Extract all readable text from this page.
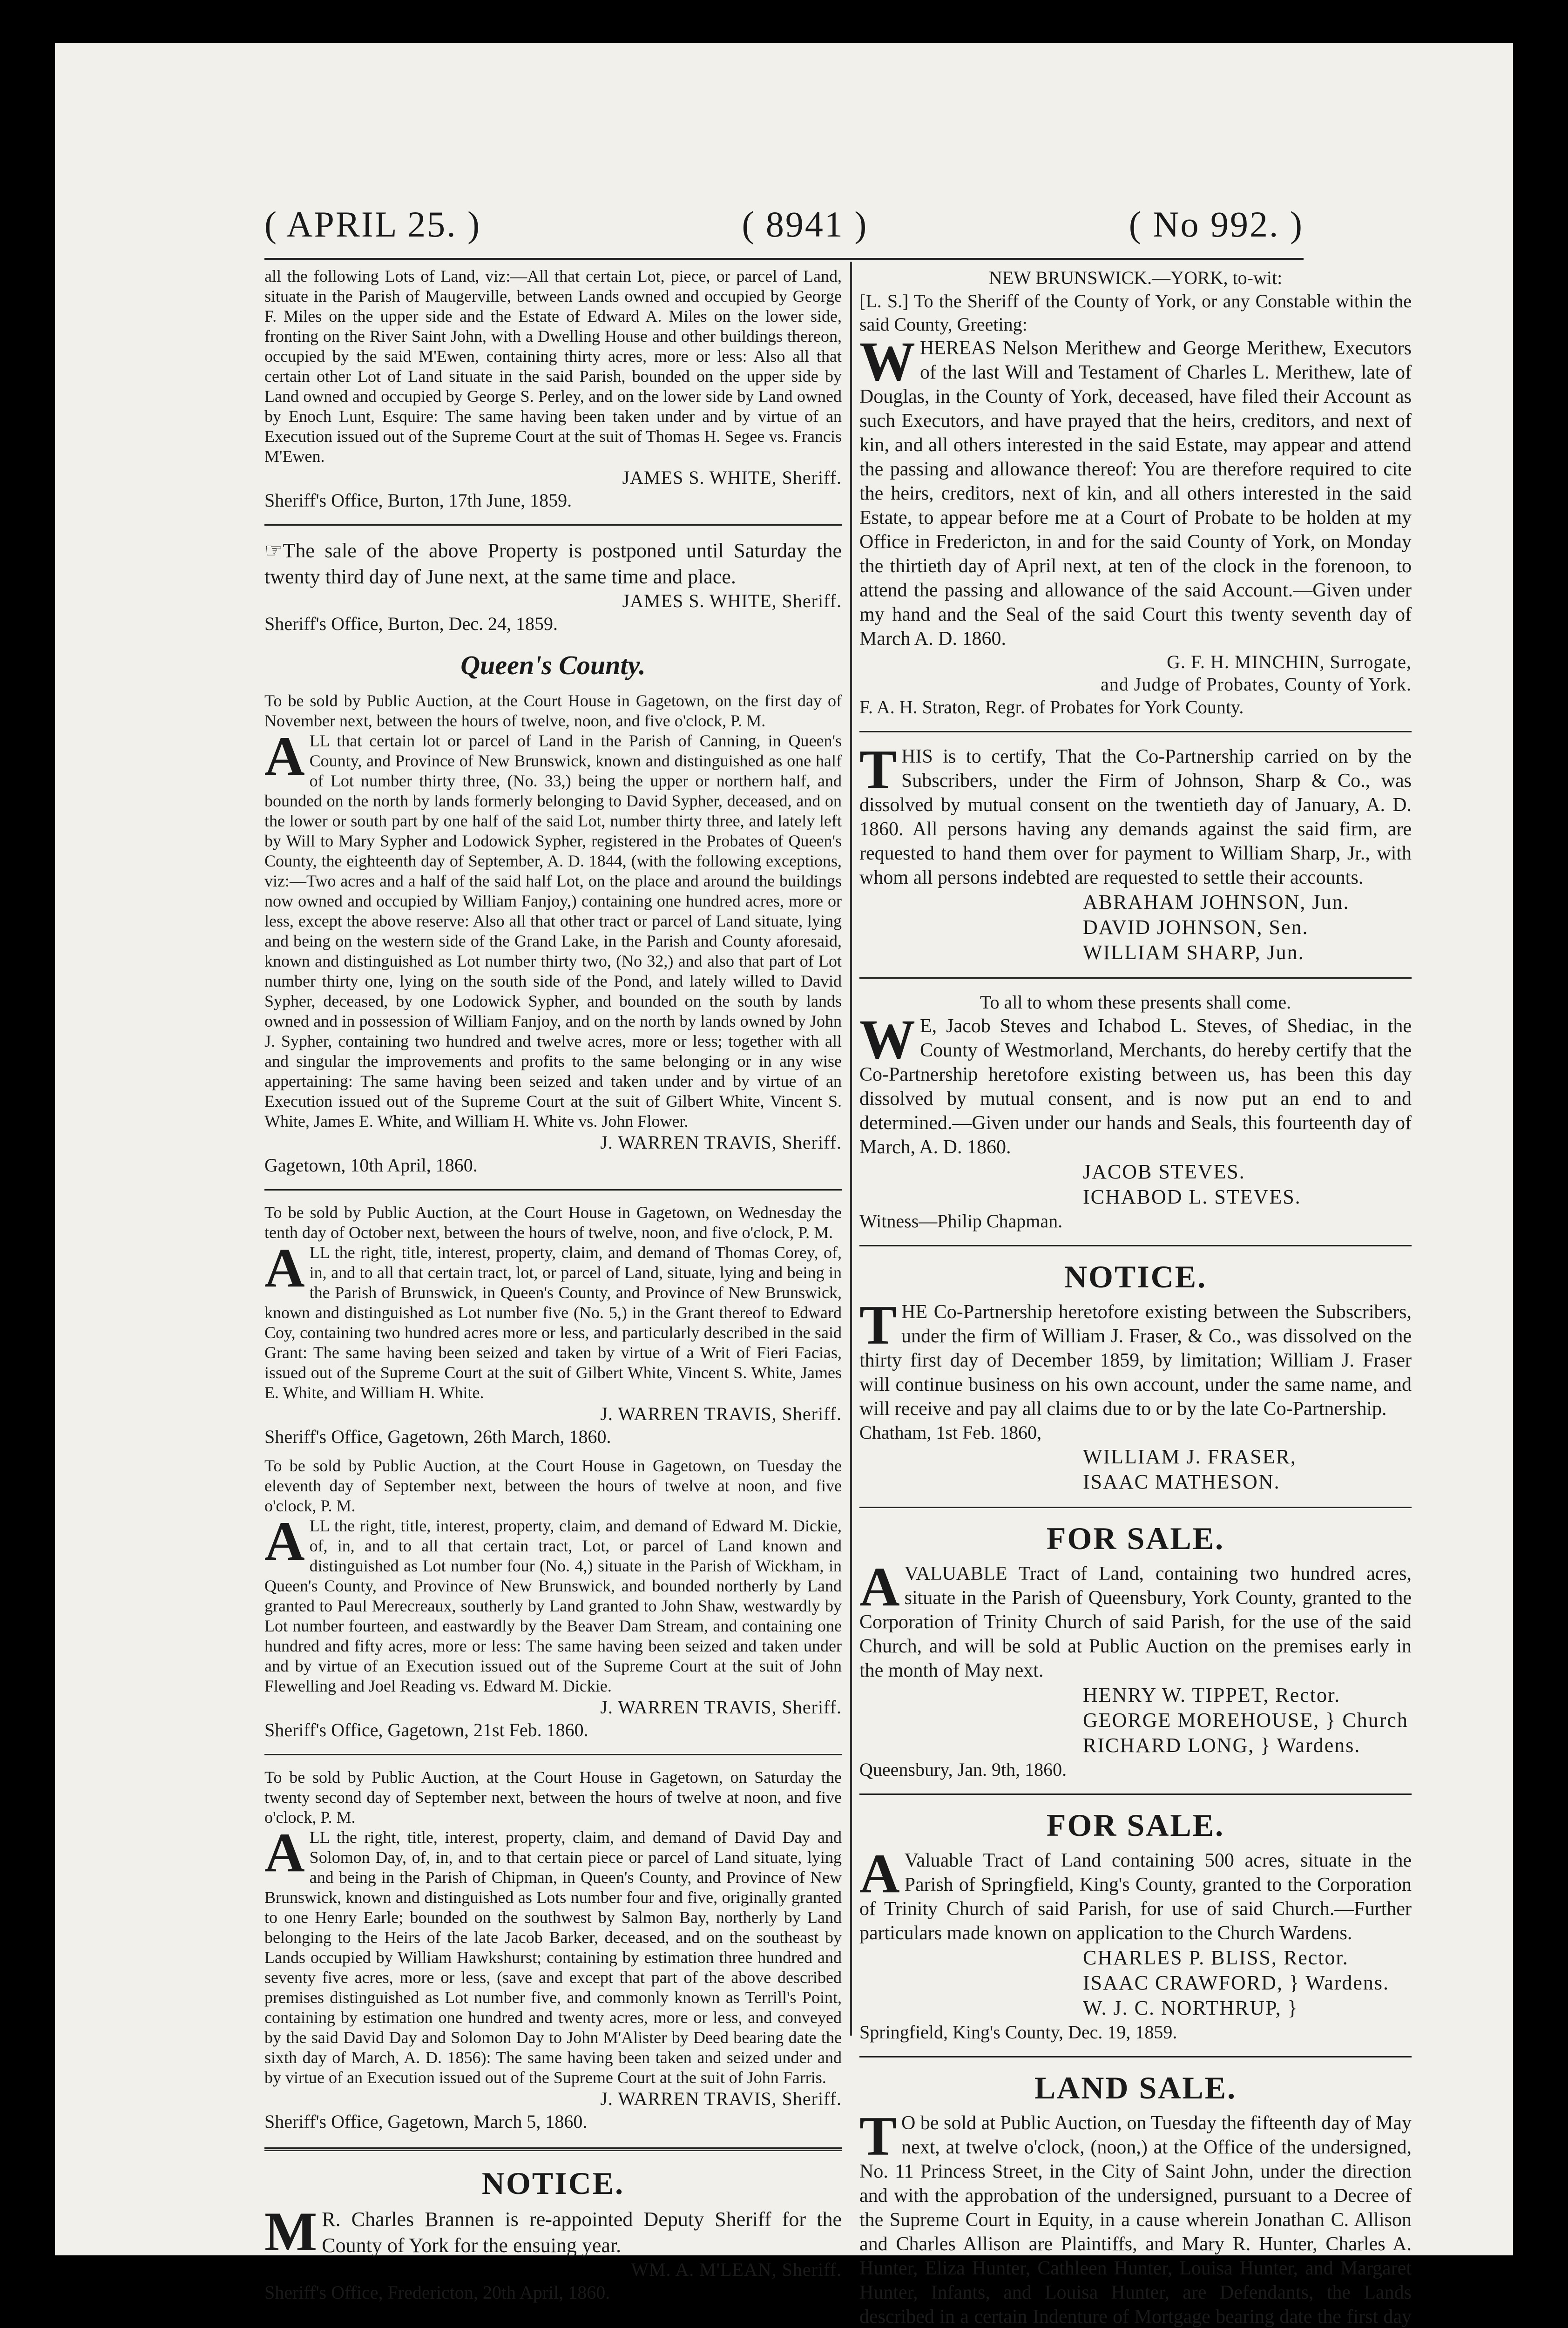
( APRIL 25. )	( 8941 )	( No 992. )

all the following Lots of Land, viz:—All that certain Lot, piece, or parcel of Land, situate in the Parish of Maugerville, between Lands owned and occupied by George F. Miles on the upper side and the Estate of Edward A. Miles on the lower side, fronting on the River Saint John, with a Dwelling House and other buildings thereon, occupied by the said M'Ewen, containing thirty acres, more or less: Also all that certain other Lot of Land situate in the said Parish, bounded on the upper side by Land owned and occupied by George S. Perley, and on the lower side by Land owned by Enoch Lunt, Esquire: The same having been taken under and by virtue of an Execution issued out of the Supreme Court at the suit of Thomas H. Segee vs. Francis M'Ewen.

JAMES S. WHITE, Sheriff.
Sheriff's Office, Burton, 17th June, 1859.

☞The sale of the above Property is postponed until Saturday the twenty third day of June next, at the same time and place.

JAMES S. WHITE, Sheriff.
Sheriff's Office, Burton, Dec. 24, 1859.
Queen's County.

To be sold by Public Auction, at the Court House in Gagetown, on the first day of November next, between the hours of twelve, noon, and five o'clock, P. M.

ALL that certain lot or parcel of Land in the Parish of Canning, in Queen's County, and Province of New Brunswick, known and distinguished as one half of Lot number thirty three, (No. 33,) being the upper or northern half, and bounded on the north by lands formerly belonging to David Sypher, deceased, and on the lower or south part by one half of the said Lot, number thirty three, and lately left by Will to Mary Sypher and Lodowick Sypher, registered in the Probates of Queen's County, the eighteenth day of September, A. D. 1844, (with the following exceptions, viz:—Two acres and a half of the said half Lot, on the place and around the buildings now owned and occupied by William Fanjoy,) containing one hundred acres, more or less, except the above reserve: Also all that other tract or parcel of Land situate, lying and being on the western side of the Grand Lake, in the Parish and County aforesaid, known and distinguished as Lot number thirty two, (No 32,) and also that part of Lot number thirty one, lying on the south side of the Pond, and lately willed to David Sypher, deceased, by one Lodowick Sypher, and bounded on the south by lands owned and in possession of William Fanjoy, and on the north by lands owned by John J. Sypher, containing two hundred and twelve acres, more or less; together with all and singular the improvements and profits to the same belonging or in any wise appertaining: The same having been seized and taken under and by virtue of an Execution issued out of the Supreme Court at the suit of Gilbert White, Vincent S. White, James E. White, and William H. White vs. John Flower.

J. WARREN TRAVIS, Sheriff.
Gagetown, 10th April, 1860.

To be sold by Public Auction, at the Court House in Gagetown, on Wednesday the tenth day of October next, between the hours of twelve, noon, and five o'clock, P. M.

ALL the right, title, interest, property, claim, and demand of Thomas Corey, of, in, and to all that certain tract, lot, or parcel of Land, situate, lying and being in the Parish of Brunswick, in Queen's County, and Province of New Brunswick, known and distinguished as Lot number five (No. 5,) in the Grant thereof to Edward Coy, containing two hundred acres more or less, and particularly described in the said Grant: The same having been seized and taken by virtue of a Writ of Fieri Facias, issued out of the Supreme Court at the suit of Gilbert White, Vincent S. White, James E. White, and William H. White.

J. WARREN TRAVIS, Sheriff.
Sheriff's Office, Gagetown, 26th March, 1860.

To be sold by Public Auction, at the Court House in Gagetown, on Tuesday the eleventh day of September next, between the hours of twelve at noon, and five o'clock, P. M.

ALL the right, title, interest, property, claim, and demand of Edward M. Dickie, of, in, and to all that certain tract, Lot, or parcel of Land known and distinguished as Lot number four (No. 4,) situate in the Parish of Wickham, in Queen's County, and Province of New Brunswick, and bounded northerly by Land granted to Paul Merecreaux, southerly by Land granted to John Shaw, westwardly by Lot number fourteen, and eastwardly by the Beaver Dam Stream, and containing one hundred and fifty acres, more or less: The same having been seized and taken under and by virtue of an Execution issued out of the Supreme Court at the suit of John Flewelling and Joel Reading vs. Edward M. Dickie.

J. WARREN TRAVIS, Sheriff.
Sheriff's Office, Gagetown, 21st Feb. 1860.

To be sold by Public Auction, at the Court House in Gagetown, on Saturday the twenty second day of September next, between the hours of twelve at noon, and five o'clock, P. M.

ALL the right, title, interest, property, claim, and demand of David Day and Solomon Day, of, in, and to that certain piece or parcel of Land situate, lying and being in the Parish of Chipman, in Queen's County, and Province of New Brunswick, known and distinguished as Lots number four and five, originally granted to one Henry Earle; bounded on the southwest by Salmon Bay, northerly by Land belonging to the Heirs of the late Jacob Barker, deceased, and on the southeast by Lands occupied by William Hawkshurst; containing by estimation three hundred and seventy five acres, more or less, (save and except that part of the above described premises distinguished as Lot number five, and commonly known as Terrill's Point, containing by estimation one hundred and twenty acres, more or less, and conveyed by the said David Day and Solomon Day to John M'Alister by Deed bearing date the sixth day of March, A. D. 1856): The same having been taken and seized under and by virtue of an Execution issued out of the Supreme Court at the suit of John Farris.

J. WARREN TRAVIS, Sheriff.
Sheriff's Office, Gagetown, March 5, 1860.
NOTICE.

M R. Charles Brannen is re-appointed Deputy Sheriff for the County of York for the ensuing year.

WM. A. M'LEAN, Sheriff.
Sheriff's Office, Fredericton, 20th April, 1860.
NEW BRUNSWICK.—YORK, to-wit:

[L. S.] To the Sheriff of the County of York, or any Constable within the said County, Greeting:

WHEREAS Nelson Merithew and George Merithew, Executors of the last Will and Testament of Charles L. Merithew, late of Douglas, in the County of York, deceased, have filed their Account as such Executors, and have prayed that the heirs, creditors, and next of kin, and all others interested in the said Estate, may appear and attend the passing and allowance thereof: You are therefore required to cite the heirs, creditors, next of kin, and all others interested in the said Estate, to appear before me at a Court of Probate to be holden at my Office in Fredericton, in and for the said County of York, on Monday the thirtieth day of April next, at ten of the clock in the forenoon, to attend the passing and allowance of the said Account.—Given under my hand and the Seal of the said Court this twenty seventh day of March A. D. 1860.

G. F. H. MINCHIN, Surrogate,
and Judge of Probates, County of York.
F. A. H. Straton, Regr. of Probates for York County.

THIS is to certify, That the Co-Partnership carried on by the Subscribers, under the Firm of Johnson, Sharp & Co., was dissolved by mutual consent on the twentieth day of January, A. D. 1860. All persons having any demands against the said firm, are requested to hand them over for payment to William Sharp, Jr., with whom all persons indebted are requested to settle their accounts.

ABRAHAM JOHNSON, Jun.
DAVID JOHNSON, Sen.
WILLIAM SHARP, Jun.
To all to whom these presents shall come.

W E, Jacob Steves and Ichabod L. Steves, of Shediac, in the County of Westmorland, Merchants, do hereby certify that the Co-Partnership heretofore existing between us, has been this day dissolved by mutual consent, and is now put an end to and determined.—Given under our hands and Seals, this fourteenth day of March, A. D. 1860.

JACOB STEVES.
ICHABOD L. STEVES.
Witness—Philip Chapman.
NOTICE.

THE Co-Partnership heretofore existing between the Subscribers, under the firm of William J. Fraser, & Co., was dissolved on the thirty first day of December 1859, by limitation; William J. Fraser will continue business on his own account, under the same name, and will receive and pay all claims due to or by the late Co-Partnership.

Chatham, 1st Feb. 1860,
WILLIAM J. FRASER,
ISAAC MATHESON.
FOR SALE.

AVALUABLE Tract of Land, containing two hundred acres, situate in the Parish of Queensbury, York County, granted to the Corporation of Trinity Church of said Parish, for the use of the said Church, and will be sold at Public Auction on the premises early in the month of May next.

HENRY W. TIPPET, Rector.
GEORGE MOREHOUSE, } Church
RICHARD LONG, } Wardens.
Queensbury, Jan. 9th, 1860.
FOR SALE.

A Valuable Tract of Land containing 500 acres, situate in the Parish of Springfield, King's County, granted to the Corporation of Trinity Church of said Parish, for use of said Church.—Further particulars made known on application to the Church Wardens.

CHARLES P. BLISS, Rector.
ISAAC CRAWFORD, } Wardens.
W. J. C. NORTHRUP, }
Springfield, King's County, Dec. 19, 1859.
LAND SALE.

T O be sold at Public Auction, on Tuesday the fifteenth day of May next, at twelve o'clock, (noon,) at the Office of the undersigned, No. 11 Princess Street, in the City of Saint John, under the direction and with the approbation of the undersigned, pursuant to a Decree of the Supreme Court in Equity, in a cause wherein Jonathan C. Allison and Charles Allison are Plaintiffs, and Mary R. Hunter, Charles A. Hunter, Eliza Hunter, Cathleen Hunter, Louisa Hunter, and Margaret Hunter, Infants, and Louisa Hunter, are Defendants, the Lands described in a certain Indenture of Mortgage bearing date the first day
